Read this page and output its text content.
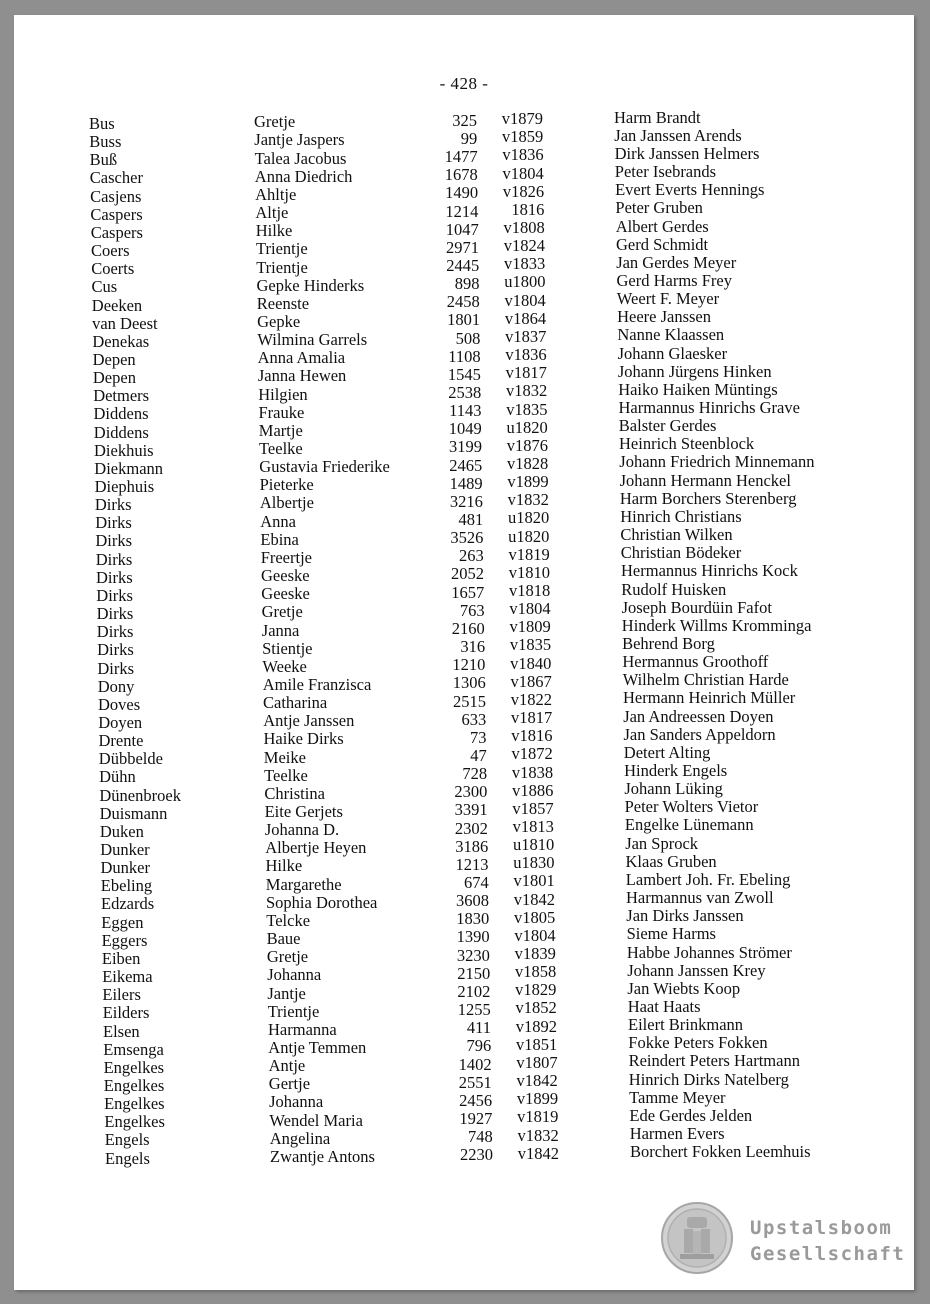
- 428 -
Bus	Gretje	325	v1879	Harm Brandt
Buss	Jantje Jaspers	99	v1859	Jan Janssen Arends
Buß	Talea Jacobus	1477	v1836	Dirk Janssen Helmers
Cascher	Anna Diedrich	1678	v1804	Peter Isebrands
Casjens	Ahltje	1490	v1826	Evert Everts Hennings
Caspers	Altje	1214	1816	Peter Gruben
Caspers	Hilke	1047	v1808	Albert Gerdes
Coers	Trientje	2971	v1824	Gerd Schmidt
Coerts	Trientje	2445	v1833	Jan Gerdes Meyer
Cus	Gepke Hinderks	898	u1800	Gerd Harms Frey
Deeken	Reenste	2458	v1804	Weert F. Meyer
van Deest	Gepke	1801	v1864	Heere Janssen
Denekas	Wilmina Garrels	508	v1837	Nanne Klaassen
Depen	Anna Amalia	1108	v1836	Johann Glaesker
Depen	Janna Hewen	1545	v1817	Johann Jürgens Hinken
Detmers	Hilgien	2538	v1832	Haiko Haiken Müntings
Diddens	Frauke	1143	v1835	Harmannus Hinrichs Grave
Diddens	Martje	1049	u1820	Balster Gerdes
Diekhuis	Teelke	3199	v1876	Heinrich Steenblock
Diekmann	Gustavia Friederike	2465	v1828	Johann Friedrich Minnemann
Diephuis	Pieterke	1489	v1899	Johann Hermann Henckel
Dirks	Albertje	3216	v1832	Harm Borchers Sterenberg
Dirks	Anna	481	u1820	Hinrich Christians
Dirks	Ebina	3526	u1820	Christian Wilken
Dirks	Freertje	263	v1819	Christian Bödeker
Dirks	Geeske	2052	v1810	Hermannus Hinrichs Kock
Dirks	Geeske	1657	v1818	Rudolf Huisken
Dirks	Gretje	763	v1804	Joseph Bourdüin Fafot
Dirks	Janna	2160	v1809	Hinderk Willms Kromminga
Dirks	Stientje	316	v1835	Behrend Borg
Dirks	Weeke	1210	v1840	Hermannus Groothoff
Dony	Amile Franzisca	1306	v1867	Wilhelm Christian Harde
Doves	Catharina	2515	v1822	Hermann Heinrich Müller
Doyen	Antje Janssen	633	v1817	Jan Andreessen Doyen
Drente	Haike Dirks	73	v1816	Jan Sanders Appeldorn
Dübbelde	Meike	47	v1872	Detert Alting
Dühn	Teelke	728	v1838	Hinderk Engels
Dünenbroek	Christina	2300	v1886	Johann Lüking
Duismann	Eite Gerjets	3391	v1857	Peter Wolters Vietor
Duken	Johanna D.	2302	v1813	Engelke Lünemann
Dunker	Albertje Heyen	3186	u1810	Jan Sprock
Dunker	Hilke	1213	u1830	Klaas Gruben
Ebeling	Margarethe	674	v1801	Lambert Joh. Fr. Ebeling
Edzards	Sophia Dorothea	3608	v1842	Harmannus van Zwoll
Eggen	Telcke	1830	v1805	Jan Dirks Janssen
Eggers	Baue	1390	v1804	Sieme Harms
Eiben	Gretje	3230	v1839	Habbe Johannes Strömer
Eikema	Johanna	2150	v1858	Johann Janssen Krey
Eilers	Jantje	2102	v1829	Jan Wiebts Koop
Eilders	Trientje	1255	v1852	Haat Haats
Elsen	Harmanna	411	v1892	Eilert Brinkmann
Emsenga	Antje Temmen	796	v1851	Fokke Peters Fokken
Engelkes	Antje	1402	v1807	Reindert Peters Hartmann
Engelkes	Gertje	2551	v1842	Hinrich Dirks Natelberg
Engelkes	Johanna	2456	v1899	Tamme Meyer
Engelkes	Wendel Maria	1927	v1819	Ede Gerdes Jelden
Engels	Angelina	748	v1832	Harmen Evers
Engels	Zwantje Antons	2230	v1842	Borchert Fokken Leemhuis
Upstalsboom
Gesellschaft
